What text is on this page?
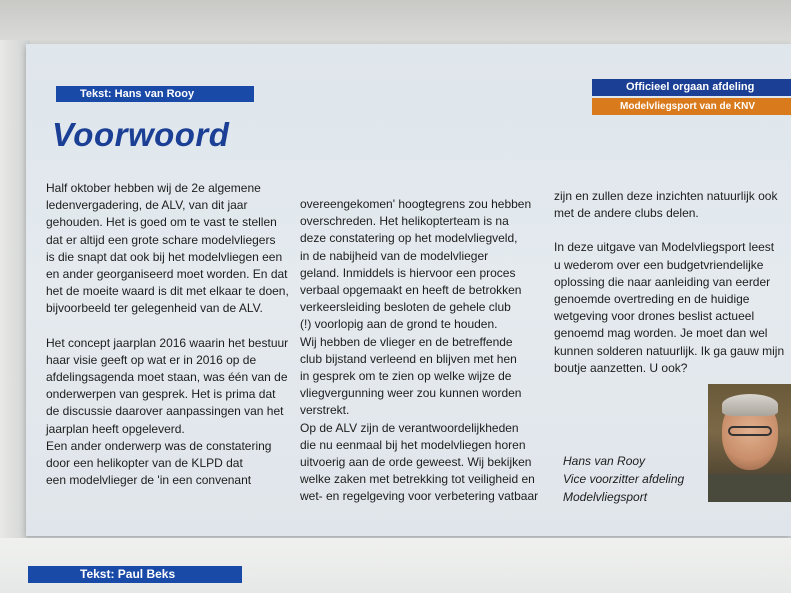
Tekst: Hans van Rooy
Officieel orgaan afdeling
Modelvliegsport van de KNV
Voorwoord

Half oktober hebben wij de 2e algemene
ledenvergadering, de ALV, van dit jaar
gehouden. Het is goed om te vast te stellen
dat er altijd een grote schare modelvliegers
is die snapt dat ook bij het modelvliegen een
en ander georganiseerd moet worden. En dat
het de moeite waard is dit met elkaar te doen,
bijvoorbeeld ter gelegenheid van de ALV.

Het concept jaarplan 2016 waarin het bestuur
haar visie geeft op wat er in 2016 op de
afdelingsagenda moet staan, was één van de
onderwerpen van gesprek. Het is prima dat
de discussie daarover aanpassingen van het
jaarplan heeft opgeleverd.
Een ander onderwerp was de constatering
door een helikopter van de KLPD dat
een modelvlieger de 'in een convenant

overeengekomen' hoogtegrens zou hebben
overschreden. Het helikopterteam is na
deze constatering op het modelvliegveld,
in de nabijheid van de modelvlieger
geland. Inmiddels is hiervoor een proces
verbaal opgemaakt en heeft de betrokken
verkeersleiding besloten de gehele club
(!) voorlopig aan de grond te houden.
Wij hebben de vlieger en de betreffende
club bijstand verleend en blijven met hen
in gesprek om te zien op welke wijze de
vliegvergunning weer zou kunnen worden
verstrekt.
Op de ALV zijn de verantwoordelijkheden
die nu eenmaal bij het modelvliegen horen
uitvoerig aan de orde geweest. Wij bekijken
welke zaken met betrekking tot veiligheid en
wet- en regelgeving voor verbetering vatbaar

zijn en zullen deze inzichten natuurlijk ook
met de andere clubs delen.

In deze uitgave van Modelvliegsport leest
u wederom over een budgetvriendelijke
oplossing die naar aanleiding van eerder
genoemde overtreding en de huidige
wetgeving voor drones beslist actueel
genoemd mag worden. Je moet dan wel
kunnen solderen natuurlijk. Ik ga gauw mijn
boutje aanzetten. U ook?

Hans van Rooy
Vice voorzitter afdeling
Modelvliegsport
Tekst: Paul Beks
